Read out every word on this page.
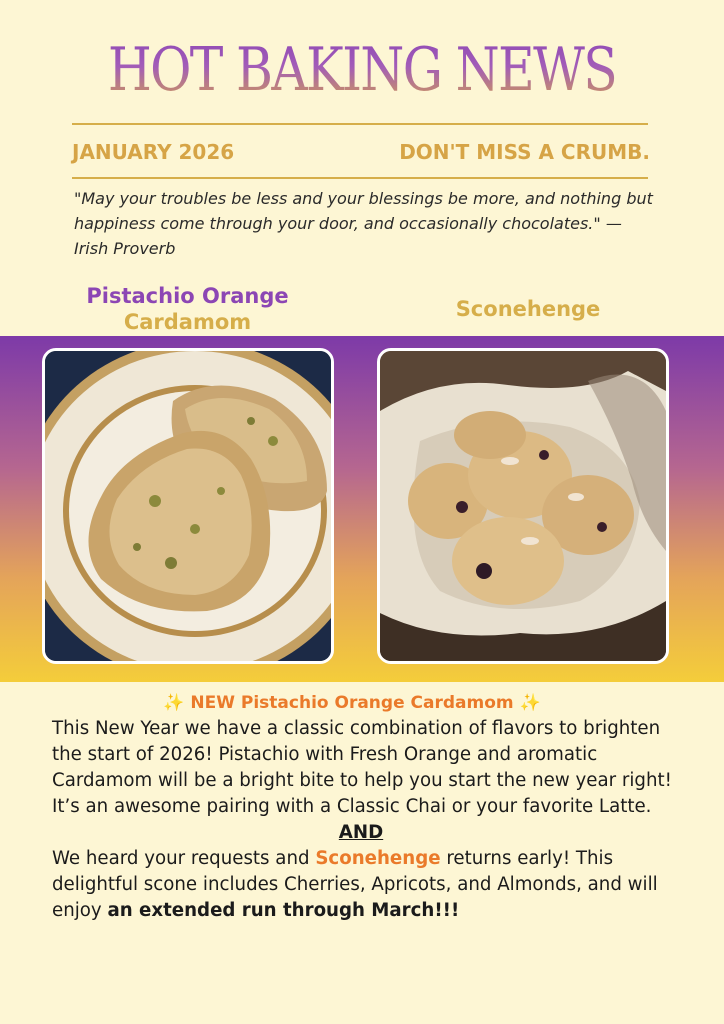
HOT BAKING NEWS
JANUARY 2026	DON'T MISS A CRUMB.
"May your troubles be less and your blessings be more, and nothing but happiness come through your door, and occasionally chocolates." — Irish Proverb
Pistachio Orange
Cardamom
Sconehenge

✨ NEW Pistachio Orange Cardamom ✨

This New Year we have a classic combination of flavors to brighten the start of 2026! Pistachio with Fresh Orange and aromatic Cardamom will be a bright bite to help you start the new year right! It’s an awesome pairing with a Classic Chai or your favorite Latte.

AND

We heard your requests and Sconehenge returns early! This delightful scone includes Cherries, Apricots, and Almonds, and will enjoy an extended run through March!!!
